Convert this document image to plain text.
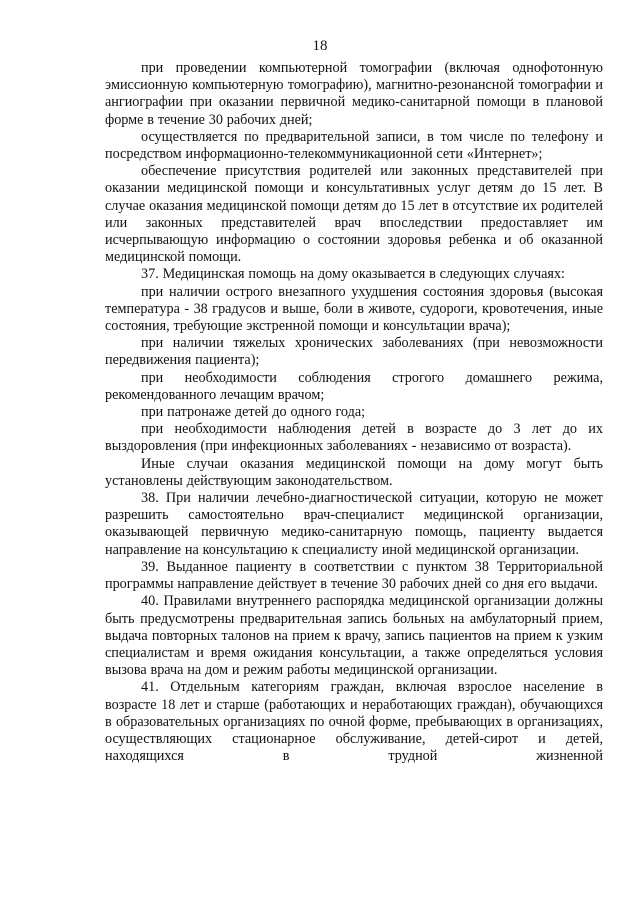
18

при проведении компьютерной томографии (включая однофотонную эмиссионную компьютерную томографию), магнитно-резонансной томографии и ангиографии при оказании первичной медико-санитарной помощи в плановой форме в течение 30 рабочих дней;

осуществляется по предварительной записи, в том числе по телефону и посредством информационно-телекоммуникационной сети «Интернет»;

обеспечение присутствия родителей или законных представителей при оказании медицинской помощи и консультативных услуг детям до 15 лет. В случае оказания медицинской помощи детям до 15 лет в отсутствие их родителей или законных представителей врач впоследствии предоставляет им исчерпывающую информацию о состоянии здоровья ребенка и об оказанной медицинской помощи.

37. Медицинская помощь на дому оказывается в следующих случаях:

при наличии острого внезапного ухудшения состояния здоровья (высокая температура - 38 градусов и выше, боли в животе, судороги, кровотечения, иные состояния, требующие экстренной помощи и консультации врача);

при наличии тяжелых хронических заболеваниях (при невозможности передвижения пациента);

при необходимости соблюдения строгого домашнего режима, рекомендованного лечащим врачом;

при патронаже детей до одного года;

при необходимости наблюдения детей в возрасте до 3 лет до их выздоровления (при инфекционных заболеваниях - независимо от возраста).

Иные случаи оказания медицинской помощи на дому могут быть установлены действующим законодательством.

38. При наличии лечебно-диагностической ситуации, которую не может разрешить самостоятельно врач-специалист медицинской организации, оказывающей первичную медико-санитарную помощь, пациенту выдается направление на консультацию к специалисту иной медицинской организации.

39. Выданное пациенту в соответствии с пунктом 38 Территориальной программы направление действует в течение 30 рабочих дней со дня его выдачи.

40. Правилами внутреннего распорядка медицинской организации должны быть предусмотрены предварительная запись больных на амбулаторный прием, выдача повторных талонов на прием к врачу, запись пациентов на прием к узким специалистам и время ожидания консультации, а также определяться условия вызова врача на дом и режим работы медицинской организации.

41. Отдельным категориям граждан, включая взрослое население в возрасте 18 лет и старше (работающих и неработающих граждан), обучающихся в образовательных организациях по очной форме, пребывающих в организациях, осуществляющих стационарное обслуживание, детей-сирот и детей, находящихся в трудной жизненной
